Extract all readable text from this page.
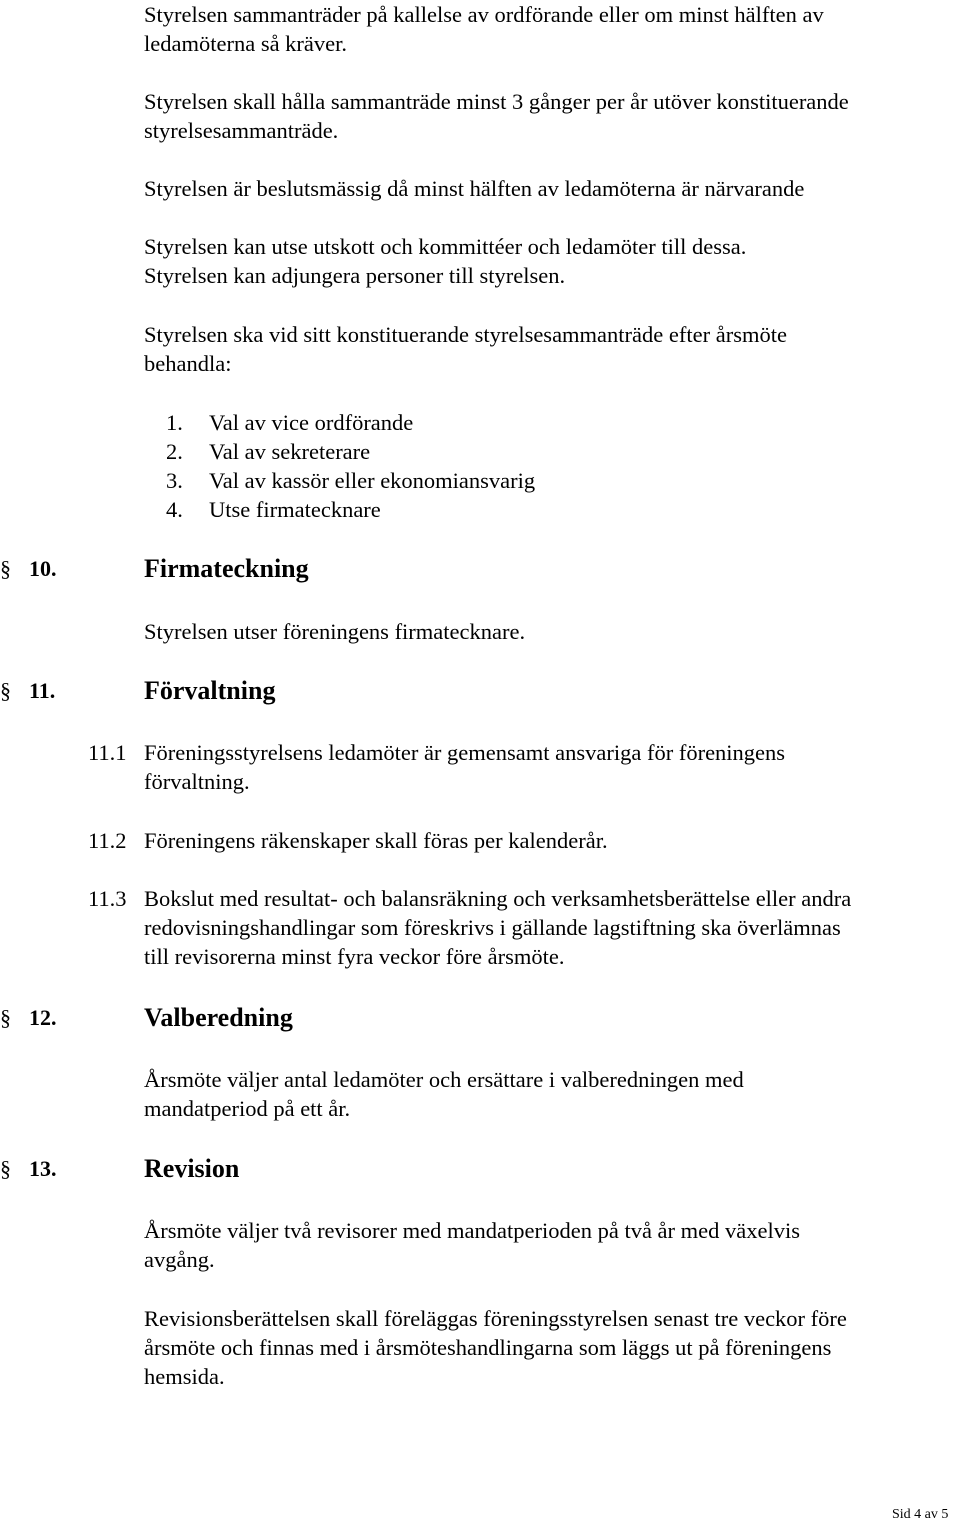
Styrelsen sammanträder på kallelse av ordförande eller om minst hälften av
ledamöterna så kräver.
Styrelsen skall hålla sammanträde minst 3 gånger per år utöver konstituerande
styrelsesammanträde.
Styrelsen är beslutsmässig då minst hälften av ledamöterna är närvarande
Styrelsen kan utse utskott och kommittéer och ledamöter till dessa.
Styrelsen kan adjungera personer till styrelsen.
Styrelsen ska vid sitt konstituerande styrelsesammanträde efter årsmöte
behandla:
1. Val av vice ordförande
2. Val av sekreterare
3. Val av kassör eller ekonomiansvarig
4. Utse firmatecknare
§ 10.	Firmateckning
Styrelsen utser föreningens firmatecknare.
§ 11.	Förvaltning
11.1 Föreningsstyrelsens ledamöter är gemensamt ansvariga för föreningens
förvaltning.
11.2 Föreningens räkenskaper skall föras per kalenderår.
11.3 Bokslut med resultat- och balansräkning och verksamhetsberättelse eller andra
redovisningshandlingar som föreskrivs i gällande lagstiftning ska överlämnas
till revisorerna minst fyra veckor före årsmöte.
§ 12.	Valberedning
Årsmöte väljer antal ledamöter och ersättare i valberedningen med
mandatperiod på ett år.
§ 13.	Revision
Årsmöte väljer två revisorer med mandatperioden på två år med växelvis
avgång.
Revisionsberättelsen skall föreläggas föreningsstyrelsen senast tre veckor före
årsmöte och finnas med i årsmöteshandlingarna som läggs ut på föreningens
hemsida.
Sid 4 av 5
